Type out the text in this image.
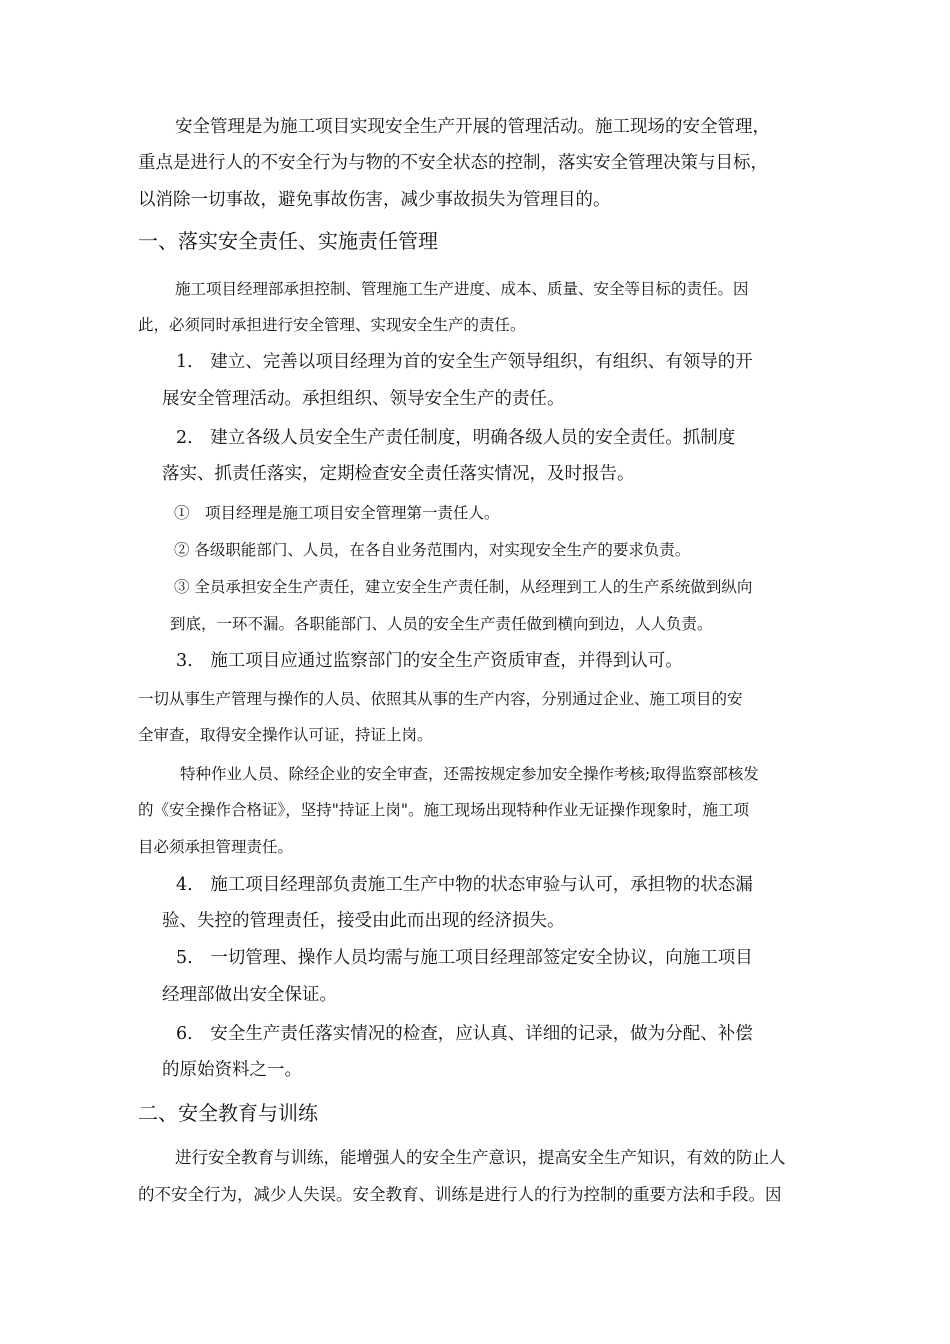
安全管理是为施工项目实现安全生产开展的管理活动。施工现场的安全管理，
重点是进行人的不安全行为与物的不安全状态的控制，落实安全管理决策与目标，
以消除一切事故，避免事故伤害，减少事故损失为管理目的。
一、落实安全责任、实施责任管理
施工项目经理部承担控制、管理施工生产进度、成本、质量、安全等目标的责任。因
此，必须同时承担进行安全管理、实现安全生产的责任。
1.　建立、完善以项目经理为首的安全生产领导组织，有组织、有领导的开
展安全管理活动。承担组织、领导安全生产的责任。
2.　建立各级人员安全生产责任制度，明确各级人员的安全责任。抓制度
落实、抓责任落实，定期检查安全责任落实情况，及时报告。
①　项目经理是施工项目安全管理第一责任人。
② 各级职能部门、人员，在各自业务范围内，对实现安全生产的要求负责。
③ 全员承担安全生产责任，建立安全生产责任制，从经理到工人的生产系统做到纵向
到底，一环不漏。各职能部门、人员的安全生产责任做到横向到边，人人负责。
3.　施工项目应通过监察部门的安全生产资质审查，并得到认可。
一切从事生产管理与操作的人员、依照其从事的生产内容，分别通过企业、施工项目的安
全审查，取得安全操作认可证，持证上岗。
特种作业人员、除经企业的安全审查，还需按规定参加安全操作考核;取得监察部核发
的《安全操作合格证》，坚持"持证上岗"。施工现场出现特种作业无证操作现象时，施工项
目必须承担管理责任。
4.　施工项目经理部负责施工生产中物的状态审验与认可，承担物的状态漏
验、失控的管理责任，接受由此而出现的经济损失。
5.　一切管理、操作人员均需与施工项目经理部签定安全协议，向施工项目
经理部做出安全保证。
6.　安全生产责任落实情况的检查，应认真、详细的记录，做为分配、补偿
的原始资料之一。
二、安全教育与训练
进行安全教育与训练，能增强人的安全生产意识，提高安全生产知识，有效的防止人
的不安全行为，减少人失误。安全教育、训练是进行人的行为控制的重要方法和手段。因
